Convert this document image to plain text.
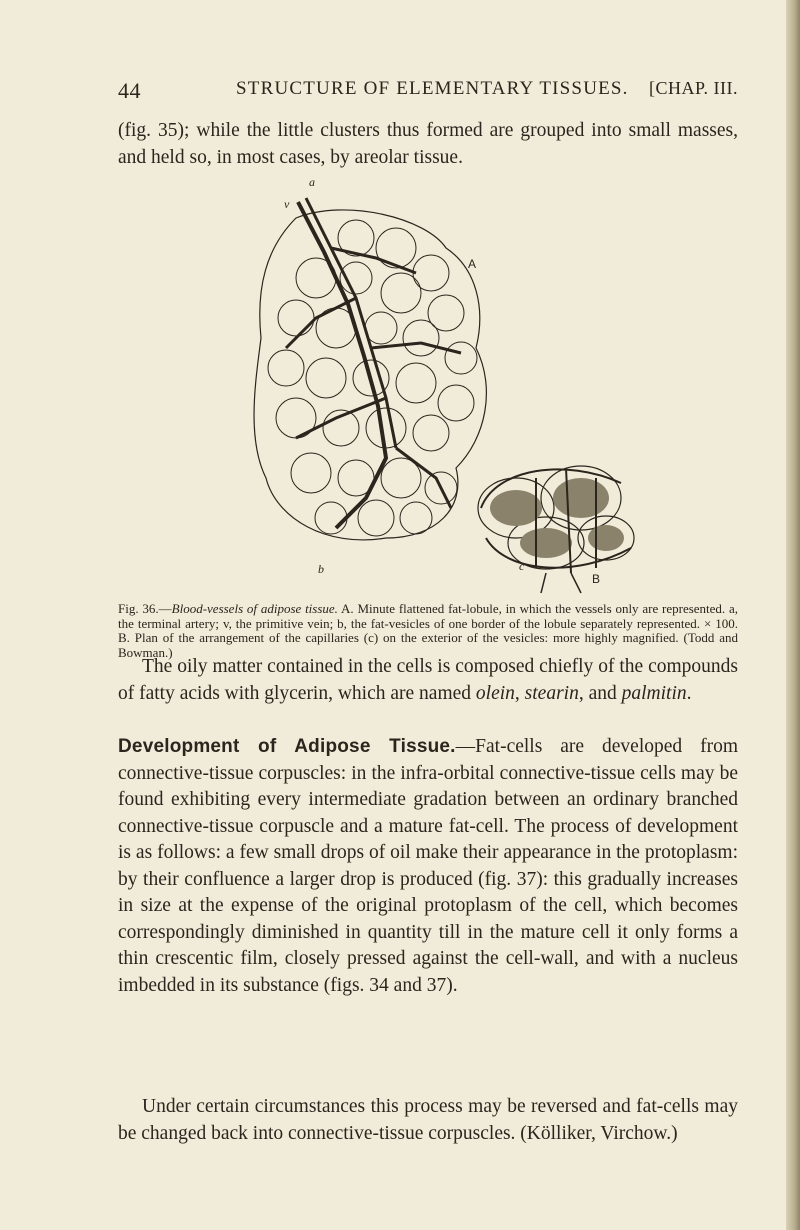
44	STRUCTURE OF ELEMENTARY TISSUES. [CHAP. III.

(fig. 35); while the little clusters thus formed are grouped into small masses, and held so, in most cases, by areolar tissue.

a
v
A
b	c
B

Fig. 36.—Blood-vessels of adipose tissue. A. Minute flattened fat-lobule, in which the vessels only are represented. a, the terminal artery; v, the primitive vein; b, the fat-vesicles of one border of the lobule separately represented. × 100. B. Plan of the arrangement of the capillaries (c) on the exterior of the vesicles: more highly magnified. (Todd and Bowman.)

The oily matter contained in the cells is composed chiefly of the compounds of fatty acids with glycerin, which are named olein, stearin, and palmitin.

Development of Adipose Tissue.—Fat-cells are developed from connective-tissue corpuscles: in the infra-orbital connective-tissue cells may be found exhibiting every intermediate gradation between an ordinary branched connective-tissue corpuscle and a mature fat-cell. The process of development is as follows: a few small drops of oil make their appearance in the protoplasm: by their confluence a larger drop is produced (fig. 37): this gradually increases in size at the expense of the original protoplasm of the cell, which becomes correspondingly diminished in quantity till in the mature cell it only forms a thin crescentic film, closely pressed against the cell-wall, and with a nucleus imbedded in its substance (figs. 34 and 37).

Under certain circumstances this process may be reversed and fat-cells may be changed back into connective-tissue corpuscles. (Kölliker, Virchow.)
